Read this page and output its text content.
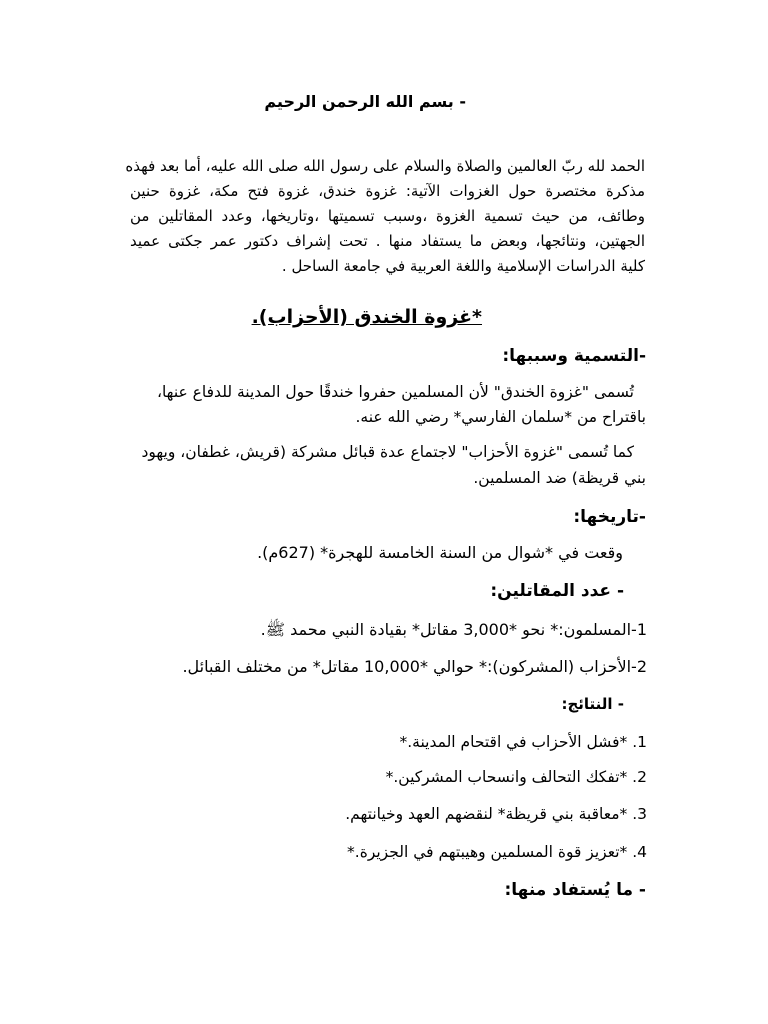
- بسم الله الرحمن الرحيم
الحمد لله ربّ العالمين والصلاة والسلام على رسول الله صلى الله عليه، أما بعد فهذه
مذكرة مختصرة حول الغزوات الآتية: غزوة خندق، غزوة فتح مكة، غزوة حنين
وطائف، من حيث تسمية الغزوة ،وسبب تسميتها ،وتاريخها، وعدد المقاتلين من
الجهتين، ونتائجها، وبعض ما يستفاد منها . تحت إشراف دكتور عمر جكتى عميد
كلية الدراسات الإسلامية واللغة العربية في جامعة الساحل .
*غزوة الخندق (الأحزاب).
-التسمية وسببها:
تُسمى "غزوة الخندق" لأن المسلمين حفروا خندقًا حول المدينة للدفاع عنها،
باقتراح من *سلمان الفارسي* رضي الله عنه.
كما تُسمى "غزوة الأحزاب" لاجتماع عدة قبائل مشركة (قريش، غطفان، ويهود
بني قريظة) ضد المسلمين.
-تاريخها:
وقعت في *شوال من السنة الخامسة للهجرة* (627م).
- عدد المقاتلين:
1-المسلمون:* نحو *3,000 مقاتل* بقيادة النبي محمد ﷺ.
2-الأحزاب (المشركون):* حوالي *10,000 مقاتل* من مختلف القبائل.
- النتائج:
1. *فشل الأحزاب في اقتحام المدينة.*
2. *تفكك التحالف وانسحاب المشركين.*
3. *معاقبة بني قريظة* لنقضهم العهد وخيانتهم.
4. *تعزيز قوة المسلمين وهيبتهم في الجزيرة.*
- ما يُستفاد منها:
